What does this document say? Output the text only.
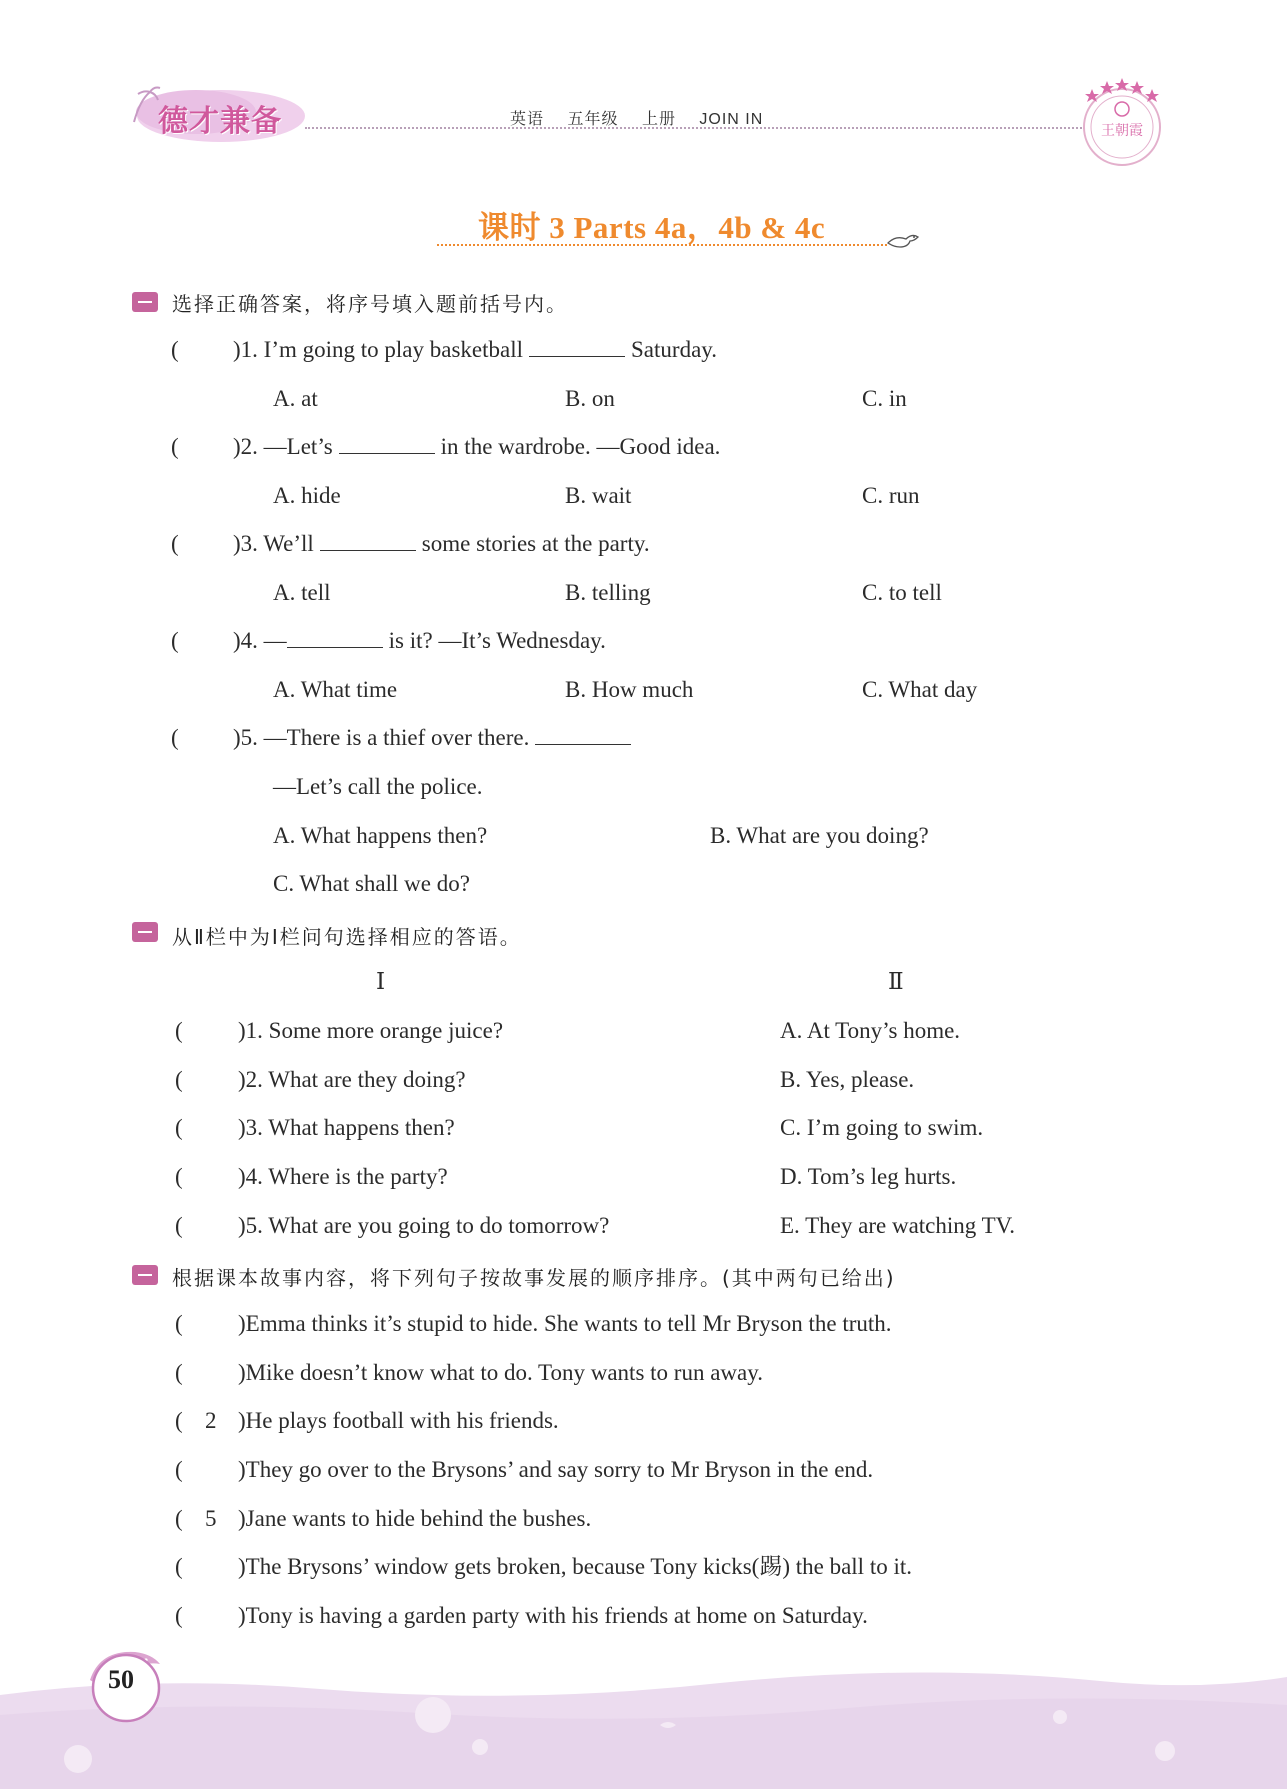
德才兼备	英语 五年级 上册 JOIN IN
王朝霞
课时 3 Parts 4a，4b & 4c
选择正确答案，将序号填入题前括号内。
( )1. I’m going to play basketball	Saturday.
A. at	B. on	C. in
( )2. —Let’s	in the wardrobe. —Good idea.
A. hide	B. wait	C. run
( )3. We’ll	some stories at the party.
A. tell	B. telling	C. to tell
( )4. —	is it? —It’s Wednesday.
A. What time	B. How much	C. What day
( )5. —There is a thief over there.
—Let’s call the police.
A. What happens then?	B. What are you doing?
C. What shall we do?
从Ⅱ栏中为Ⅰ栏问句选择相应的答语。
Ⅰ	Ⅱ
( )1. Some more orange juice?	A. At Tony’s home.
( )2. What are they doing?	B. Yes, please.
( )3. What happens then?	C. I’m going to swim.
( )4. Where is the party?	D. Tom’s leg hurts.
( )5. What are you going to do tomorrow?	E. They are watching TV.
根据课本故事内容，将下列句子按故事发展的顺序排序。(其中两句已给出)
( )Emma thinks it’s stupid to hide. She wants to tell Mr Bryson the truth.
( )Mike doesn’t know what to do. Tony wants to run away.
( 2 )He plays football with his friends.
( )They go over to the Brysons’ and say sorry to Mr Bryson in the end.
( 5 )Jane wants to hide behind the bushes.
( )The Brysons’ window gets broken, because Tony kicks(踢) the ball to it.
( )Tony is having a garden party with his friends at home on Saturday.
50
